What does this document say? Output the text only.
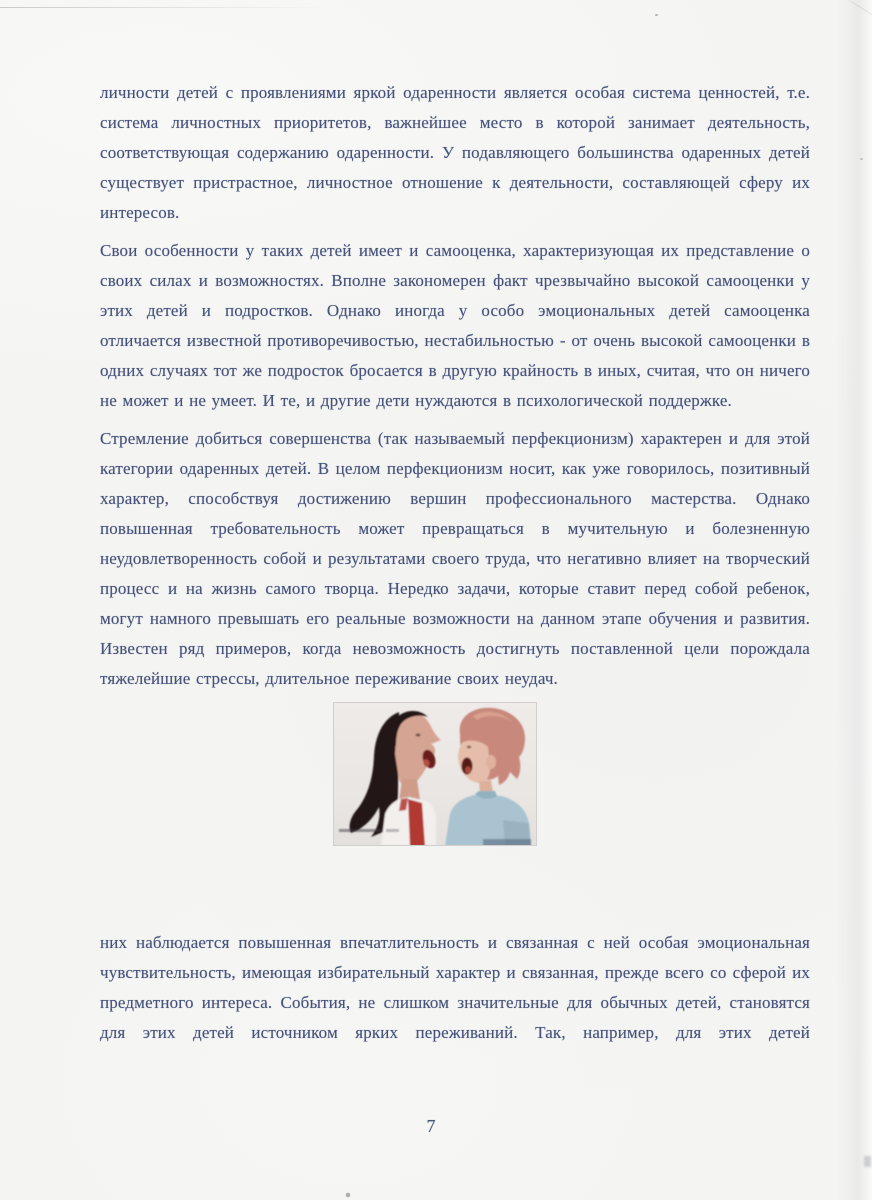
личности детей с проявлениями яркой одаренности является особая система ценностей, т.е. система личностных приоритетов, важнейшее место в которой занимает деятельность, соответствующая содержанию одаренности. У подавляющего большинства одаренных детей существует пристрастное, личностное отношение к деятельности, составляющей сферу их интересов.

Свои особенности у таких детей имеет и самооценка, характеризующая их представление о своих силах и возможностях. Вполне закономерен факт чрезвычайно высокой самооценки у этих детей и подростков. Однако иногда у особо эмоциональных детей самооценка отличается известной противоречивостью, нестабильностью - от очень высокой самооценки в одних случаях тот же подросток бросается в другую крайность в иных, считая, что он ничего не может и не умеет. И те, и другие дети нуждаются в психологической поддержке.

Стремление добиться совершенства (так называемый перфекционизм) характерен и для этой категории одаренных детей. В целом перфекционизм носит, как уже говорилось, позитивный характер, способствуя достижению вершин профессионального мастерства. Однако повышенная требовательность может превращаться в мучительную и болезненную неудовлетворенность собой и результатами своего труда, что негативно влияет на творческий процесс и на жизнь самого творца. Нередко задачи, которые ставит перед собой ребенок, могут намного превышать его реальные возможности на данном этапе обучения и развития. Известен ряд примеров, когда невозможность достигнуть поставленной цели порождала тяжелейшие стрессы, длительное переживание своих неудач.

них наблюдается повышенная впечатлительность и связанная с ней особая эмоциональная чувствительность, имеющая избирательный характер и связанная, прежде всего со сферой их предметного интереса. События, не слишком значительные для обычных детей, становятся для этих детей источником ярких переживаний. Так, например, для этих детей

7
